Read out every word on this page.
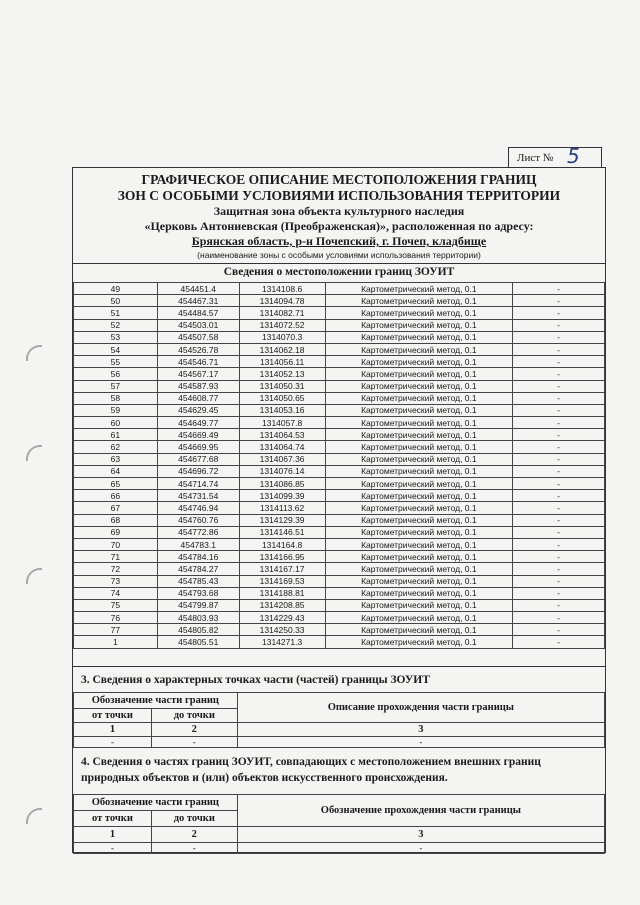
Лист № 5
ГРАФИЧЕСКОЕ ОПИСАНИЕ МЕСТОПОЛОЖЕНИЯ ГРАНИЦ
ЗОН С ОСОБЫМИ УСЛОВИЯМИ ИСПОЛЬЗОВАНИЯ ТЕРРИТОРИИ
Защитная зона объекта культурного наследия
«Церковь Антониевская (Преображенская)», расположенная по адресу:
Брянская область, р-н Почепский, г. Почеп, кладбище
(наименование зоны с особыми условиями использования территории)
Сведения о местоположении границ ЗОУИТ
49	454451.4	1314108.6	Картометрический метод, 0.1	-
50	454467.31	1314094.78	Картометрический метод, 0.1	-
51	454484.57	1314082.71	Картометрический метод, 0.1	-
52	454503.01	1314072.52	Картометрический метод, 0.1	-
53	454507.58	1314070.3	Картометрический метод, 0.1	-
54	454526.78	1314062.18	Картометрический метод, 0.1	-
55	454546.71	1314056.11	Картометрический метод, 0.1	-
56	454567.17	1314052.13	Картометрический метод, 0.1	-
57	454587.93	1314050.31	Картометрический метод, 0.1	-
58	454608.77	1314050.65	Картометрический метод, 0.1	-
59	454629.45	1314053.16	Картометрический метод, 0.1	-
60	454649.77	1314057.8	Картометрический метод, 0.1	-
61	454669.49	1314064.53	Картометрический метод, 0.1	-
62	454669.95	1314064.74	Картометрический метод, 0.1	-
63	454677.68	1314067.36	Картометрический метод, 0.1	-
64	454696.72	1314076.14	Картометрический метод, 0.1	-
65	454714.74	1314086.85	Картометрический метод, 0.1	-
66	454731.54	1314099.39	Картометрический метод, 0.1	-
67	454746.94	1314113.62	Картометрический метод, 0.1	-
68	454760.76	1314129.39	Картометрический метод, 0.1	-
69	454772.86	1314146.51	Картометрический метод, 0.1	-
70	454783.1	1314164.8	Картометрический метод, 0.1	-
71	454784.16	1314166.95	Картометрический метод, 0.1	-
72	454784.27	1314167.17	Картометрический метод, 0.1	-
73	454785.43	1314169.53	Картометрический метод, 0.1	-
74	454793.68	1314188.81	Картометрический метод, 0.1	-
75	454799.87	1314208.85	Картометрический метод, 0.1	-
76	454803.93	1314229.43	Картометрический метод, 0.1	-
77	454805.82	1314250.33	Картометрический метод, 0.1	-
1	454805.51	1314271.3	Картометрический метод, 0.1	-
3. Сведения о характерных точках части (частей) границы ЗОУИТ
Обозначение части границ		Описание прохождения части границы
от точки	до точки	
1	2	3
-	-	-
4. Сведения о частях границ ЗОУИТ, совпадающих с местоположением внешних границ природных объектов и (или) объектов искусственного происхождения.
Обозначение части границ		Обозначение прохождения части границы
от точки	до точки	
1	2	3
-	-	-
